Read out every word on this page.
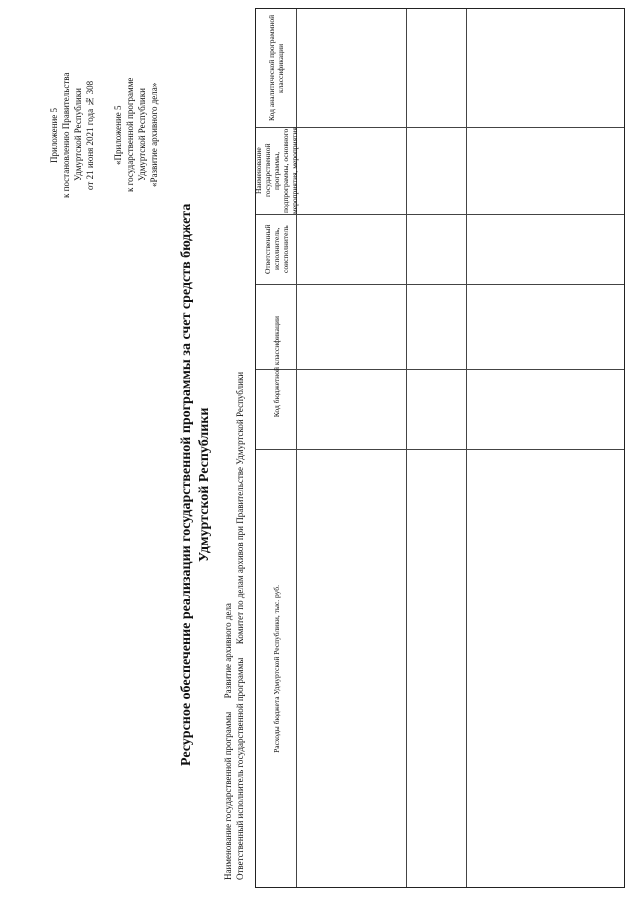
Приложение 5 к постановлению Правительства Удмуртской Республики от 21 июня 2021 года № 308 «Приложение 5 к государственной программе Удмуртской Республики «Развитие архивного дела»
Ресурсное обеспечение реализации государственной программы за счет средств бюджета Удмуртской Республики
Наименование государственной программы      Развитие архивного дела
Ответственный исполнитель государственной программы      Комитет по делам архивов при Правительстве Удмуртской Республики
Код аналитической программной классификации
Наименование государственной программы, подпрограммы, основного мероприятия, мероприятия
Ответственный исполнитель, соисполнитель
Код бюджетной классификации
Расходы бюджета Удмуртской Республики, тыс. руб.
